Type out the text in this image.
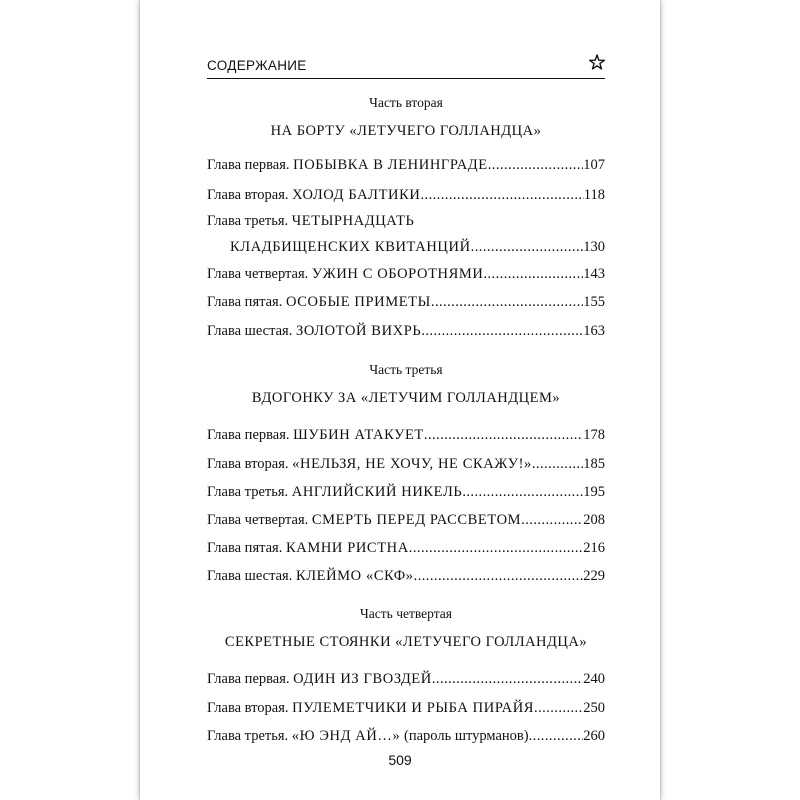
СОДЕРЖАНИЕ
Часть вторая
НА БОРТУ «ЛЕТУЧЕГО ГОЛЛАНДЦА»
Глава первая. ПОБЫВКА В ЛЕНИНГРАДЕ . . .	107
Глава вторая. ХОЛОД БАЛТИКИ . . .	118
Глава третья. ЧЕТЫРНАДЦАТЬ
КЛАДБИЩЕНСКИХ КВИТАНЦИЙ . . .	130
Глава четвертая. УЖИН С ОБОРОТНЯМИ . . .	143
Глава пятая. ОСОБЫЕ ПРИМЕТЫ . . .	155
Глава шестая. ЗОЛОТОЙ ВИХРЬ . . .	163
Часть третья
ВДОГОНКУ ЗА «ЛЕТУЧИМ ГОЛЛАНДЦЕМ»
Глава первая. ШУБИН АТАКУЕТ . . .	178
Глава вторая. «НЕЛЬЗЯ, НЕ ХОЧУ, НЕ СКАЖУ!» . . .	185
Глава третья. АНГЛИЙСКИЙ НИКЕЛЬ . . .	195
Глава четвертая. СМЕРТЬ ПЕРЕД РАССВЕТОМ . . .	208
Глава пятая. КАМНИ РИСТНА . . .	216
Глава шестая. КЛЕЙМО «СКФ» . . .	229
Часть четвертая
СЕКРЕТНЫЕ СТОЯНКИ «ЛЕТУЧЕГО ГОЛЛАНДЦА»
Глава первая. ОДИН ИЗ ГВОЗДЕЙ . . .	240
Глава вторая. ПУЛЕМЕТЧИКИ И РЫБА ПИРАЙЯ . . .	250
Глава третья. «Ю ЭНД АЙ…» (пароль штурманов) . . .	260
509
